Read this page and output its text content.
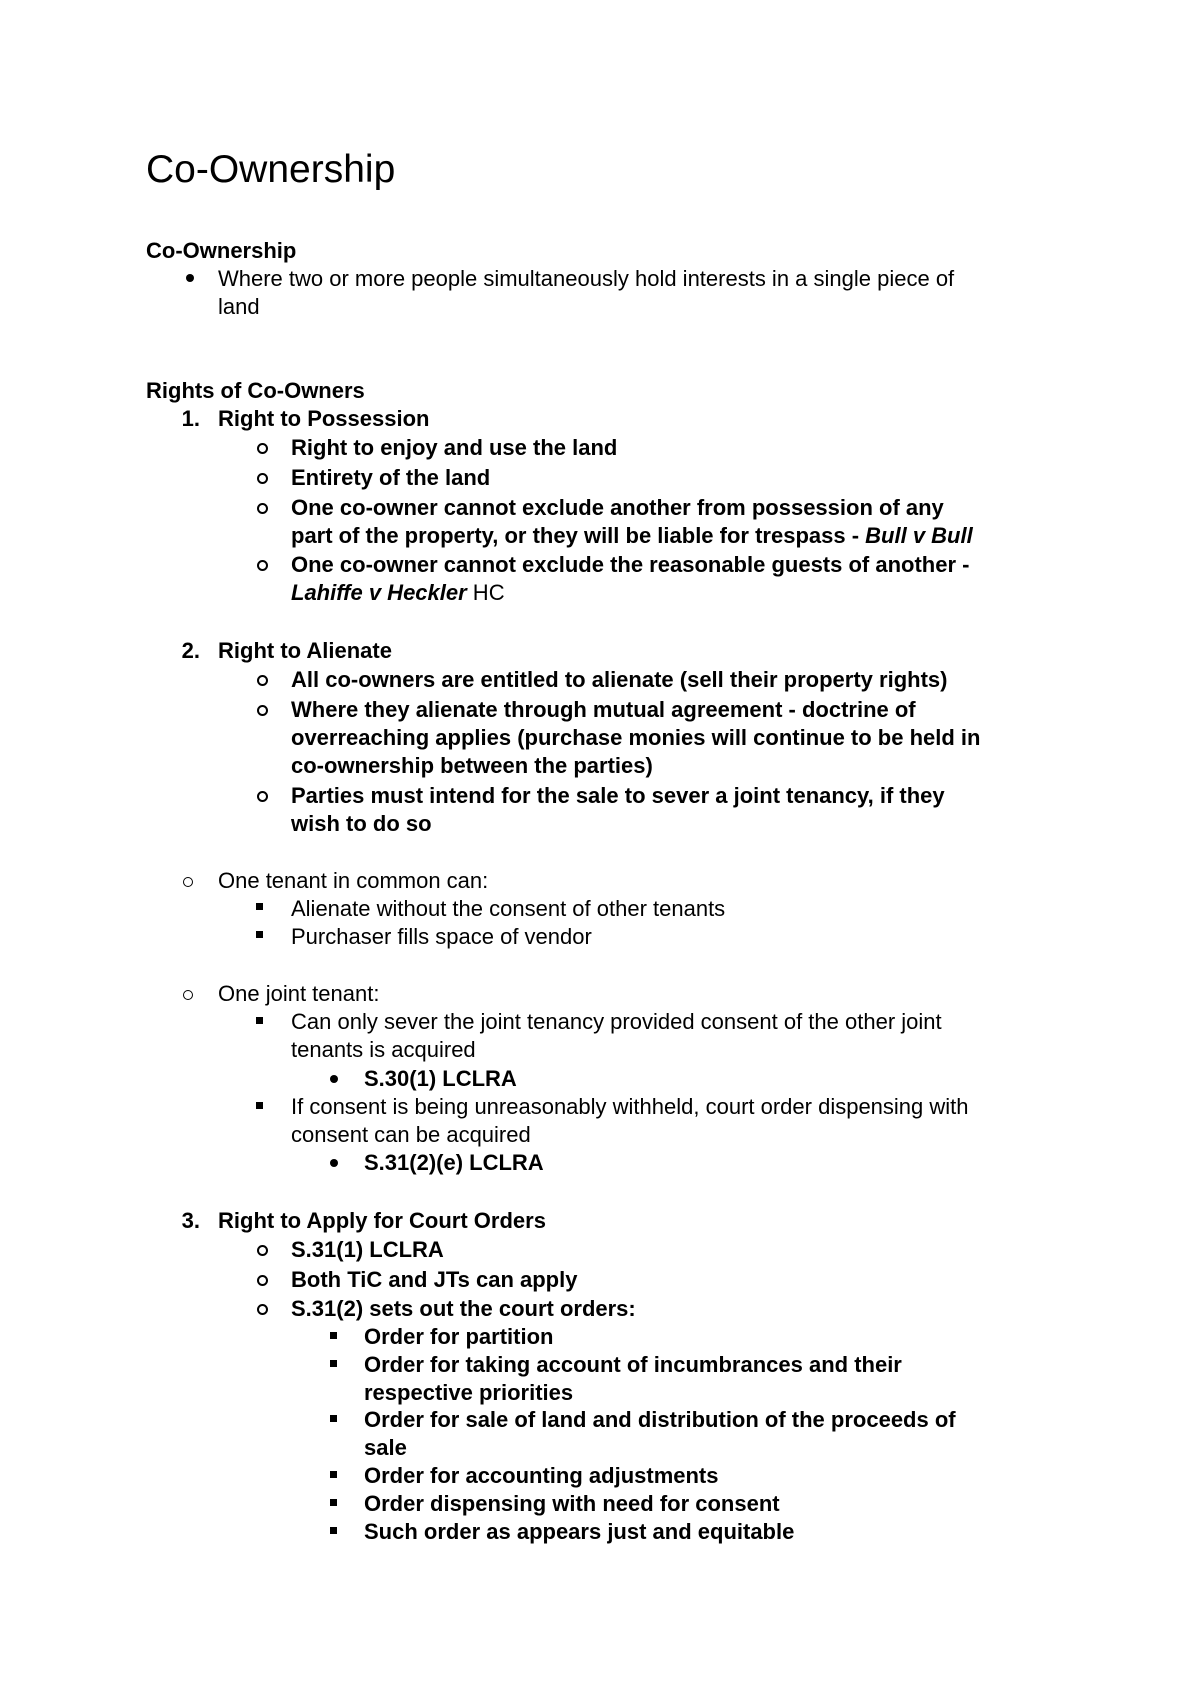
Co-Ownership
Co-Ownership
Where two or more people simultaneously hold interests in a single piece of
land
Rights of Co-Owners
1. Right to Possession
Right to enjoy and use the land
Entirety of the land
One co-owner cannot exclude another from possession of any
part of the property, or they will be liable for trespass - Bull v Bull
One co-owner cannot exclude the reasonable guests of another -
Lahiffe v Heckler HC
2. Right to Alienate
All co-owners are entitled to alienate (sell their property rights)
Where they alienate through mutual agreement - doctrine of
overreaching applies (purchase monies will continue to be held in
co-ownership between the parties)
Parties must intend for the sale to sever a joint tenancy, if they
wish to do so
One tenant in common can:
Alienate without the consent of other tenants
Purchaser fills space of vendor
One joint tenant:
Can only sever the joint tenancy provided consent of the other joint
tenants is acquired
S.30(1) LCLRA
If consent is being unreasonably withheld, court order dispensing with
consent can be acquired
S.31(2)(e) LCLRA
3. Right to Apply for Court Orders
S.31(1) LCLRA
Both TiC and JTs can apply
S.31(2) sets out the court orders:
Order for partition
Order for taking account of incumbrances and their
respective priorities
Order for sale of land and distribution of the proceeds of
sale
Order for accounting adjustments
Order dispensing with need for consent
Such order as appears just and equitable
